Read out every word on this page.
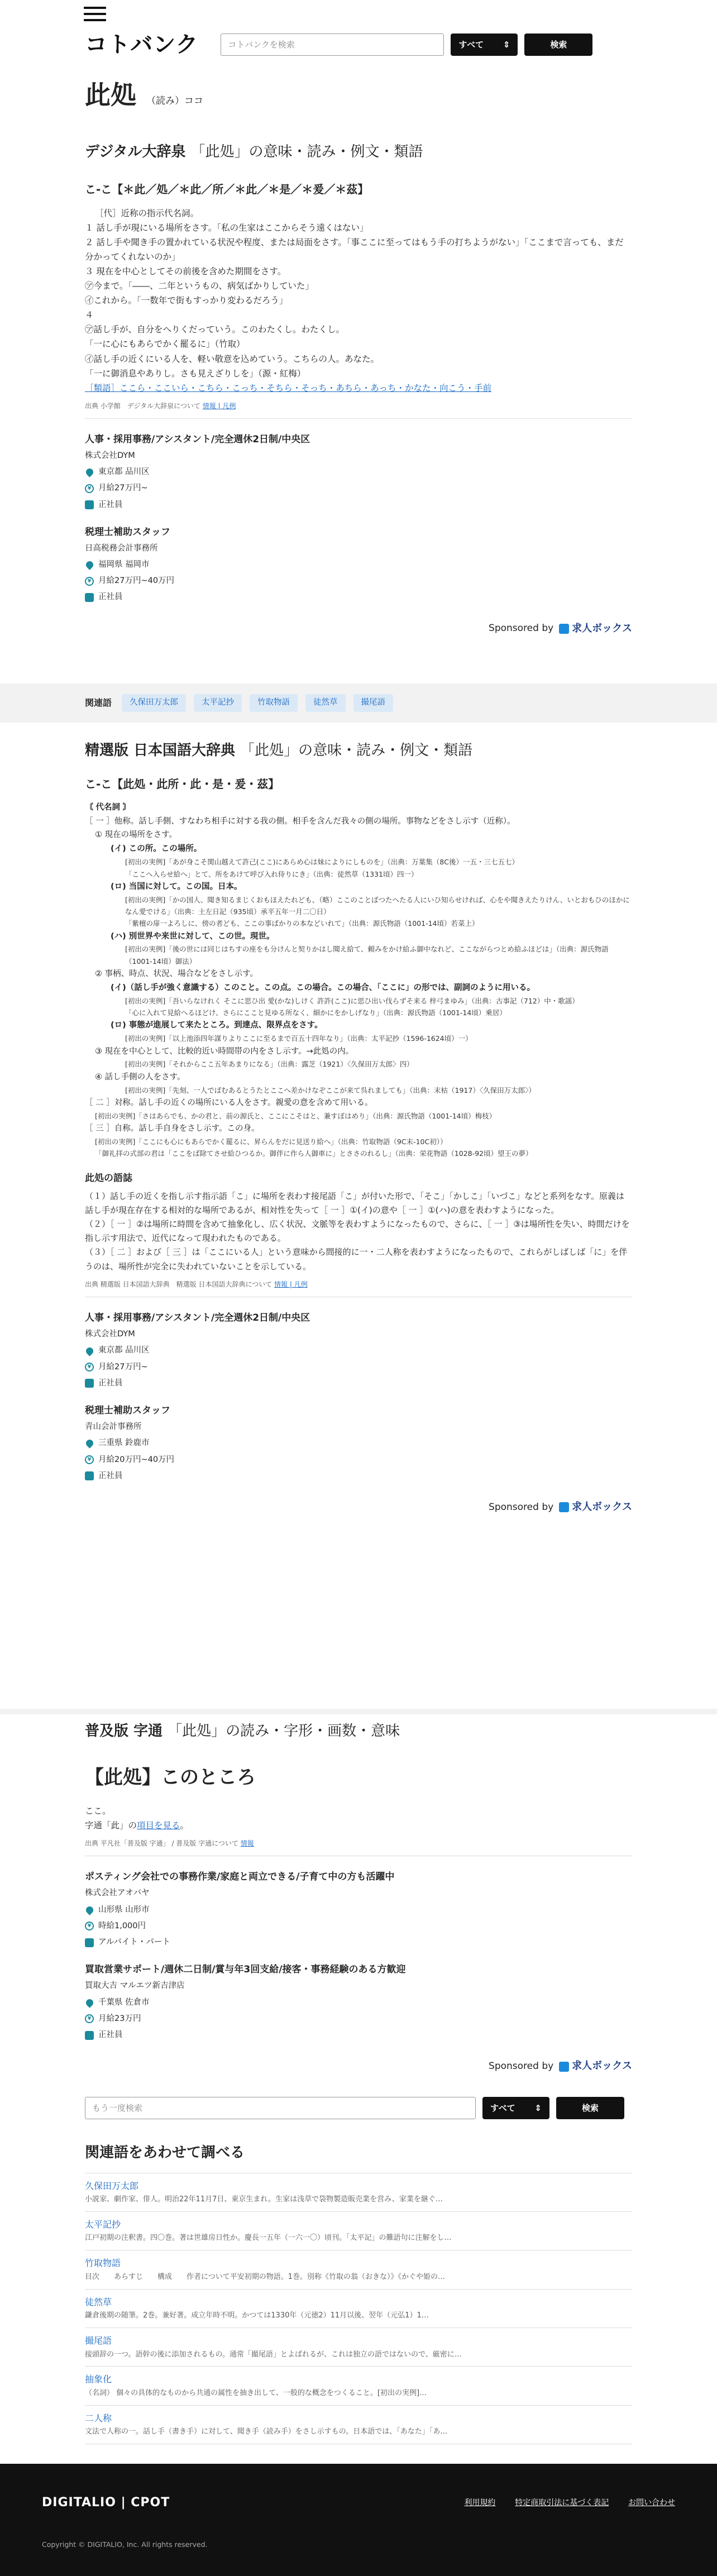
コトバンク	コトバンクを検索	すべて ⇕	検索
此処 （読み）ココ
デジタル大辞泉 「此処」の意味・読み・例文・類語
こ‐こ【＊此／処／＊此／所／＊此／＊是／＊爰／＊茲】

［代］近称の指示代名詞。

１ 話し手が現にいる場所をさす。「私の生家はここからそう遠くはない」

２ 話し手や聞き手の置かれている状況や程度、または局面をさす。「事ここに至ってはもう手の打ちようがない」「ここまで言っても、まだ分かってくれないのか」

３ 現在を中心としてその前後を含めた期間をさす。

㋐今まで。「――、二年というもの、病気ばかりしていた」

㋑これから。「一数年で街もすっかり変わるだろう」

４

㋐話し手が、自分をへりくだっていう。このわたくし。わたくし。

「一に心にもあらでかく罷るに」（竹取）

㋑話し手の近くにいる人を、軽い敬意を込めていう。こちらの人。あなた。

「一に御消息やありし。さも見えざりしを」（源・紅梅）

［類語］ここら・ここいら・こちら・こっち・そちら・そっち・あちら・あっち・かなた・向こう・手前

出典 小学館　デジタル大辞泉について 情報 | 凡例
人事・採用事務/アシスタント/完全週休2日制/中央区
株式会社DYM
東京都 品川区
¥ 月給27万円~
正社員
税理士補助スタッフ
日高税務会計事務所
福岡県 福岡市
¥ 月給27万円~40万円
正社員
Sponsored by 求人ボックス
関連語	久保田万太郎	太平記抄	竹取物語	徒然草	撮尾語
精選版 日本国語大辞典 「此処」の意味・読み・例文・類語
こ‐こ【此処・此所・此・是・爰・茲】

〘 代名詞 〙

［ 一 ］他称。話し手側、すなわち相手に対する我の側。相手を含んだ我々の側の場所。事物などをさし示す（近称）。

① 現在の場所をさす。

(イ) この所。この場所。

[初出の実例]「あが身こそ関山越えて許己(ここ)にあらめ心は妹によりにしものを」（出典：万葉集（8C後）一五・三七五七）

「ここへ入らせ給へ」とて、所をあけて呼び入れ侍りにき」（出典：徒然草（1331頃）四一）

(ロ) 当国に対して。この国。日本。

[初出の実例]「かの国人、聞き知るまじくおもほえたれども、（略）ここのことばつたへたる人にいひ知らせければ、心をや聞きえたりけん、いとおもひのほかになん愛でける」（出典：土左日記（935頃）承平五年一月二〇日）

「紫檀の扉一よろしに、傍の者ども、ここの事ばかりの本などいれて」（出典：源氏物語（1001‐14頃）若菜上）

(ハ) 別世界や来世に対して、この世。現世。

[初出の実例]「後の世には同じはちすの座をも分けんと契りかはし聞え給て、頼みをかけ給ふ御中なれど、ここながらつとめ給ふほどは」（出典：源氏物語（1001‐14頃）御法）

② 事柄、時点、状況、場合などをさし示す。

(イ)（話し手が強く意識する）このこと。この点。この場合。この場合、「ここに」の形では、副詞のように用いる。

[初出の実例]「吾いらなけれく そこに思ひ出 愛(かな)しけく 許許(ここ)に思ひ出い伐らずそ来る 梓弓まゆみ」（出典：古事記（712）中・歌謡）

「心に入れて見給へるほどけ、さらにここと見ゆる所なく、細かにをかしげなり」（出典：源氏物語（1001‐14頃）乗居）

(ロ) 事態が進展して来たところ。到達点、限界点をさす。

[初出の実例]「以上池添四年謀りよりここに至るまで百五十四年なり」（出典：太平記抄（1596‐1624頃）一）

③ 現在を中心として、比較的近い時間帯の内をさし示す。→此処の内。

[初出の実例]「それからここ五年あまりになる」（出典：露芝（1921）〈久保田万太郎〉四）

④ 話し手側の人をさす。

[初出の実例]「先刻、一人でばむあるとうたとここへ差かけなぞここが来て呉れましても」（出典：末枯（1917）〈久保田万太郎〉）

［ 二 ］対称。話し手の近くの場所にいる人をさす。親愛の意を含めて用いる。

[初出の実例]「さはあらでも、かの君と、前の源氏と、ここにこそはと、兼すぼはめり」（出典：源氏物語（1001‐14頃）梅枝）

［ 三 ］自称。話し手自身をさし示す。この身。

[初出の実例]「ここにも心にもあらでかく罷るに、昇らんをだに見送り給へ」（出典：竹取物語（9C末‐10C初））

「御礼拝の式部の君は「ここをば除てさせ給ひつるか。御伴に作ら人御車に」とささのれるし」（出典：栄花物語（1028‐92頃）望王の夢）

此処の語誌

（１）話し手の近くを指し示す指示語「こ」に場所を表わす接尾語「こ」が付いた形で、「そこ」「かしこ」「いづこ」などと系列をなす。原義は話し手が現在存在する相対的な場所であるが、相対性を失って［ 一 ］①(イ)の意や［ 一 ］①(ハ)の意を表わすようになった。

（２）［ 一 ］②は場所に時間を含めて抽象化し、広く状況、文脈等を表わすようになったもので、さらに、［ 一 ］③は場所性を失い、時間だけを指し示す用法で、近代になって現われたものである。

（３）［ 二 ］および［ 三 ］は「ここにいる人」という意味から間接的に一・二人称を表わすようになったもので、これらがしばしば「に」を伴うのは、場所性が完全に失われていないことを示している。

出典 精選版 日本国語大辞典　精選版 日本国語大辞典について 情報 | 凡例
人事・採用事務/アシスタント/完全週休2日制/中央区
株式会社DYM
東京都 品川区
¥ 月給27万円~
正社員
税理士補助スタッフ
青山会計事務所
三重県 鈴鹿市
¥ 月給20万円~40万円
正社員
Sponsored by 求人ボックス
普及版 字通 「此処」の読み・字形・画数・意味
【此処】このところ

ここ。

字通「此」の項目を見る。

出典 平凡社「普及版 字通」 / 普及版 字通について 情報
ポスティング会社での事務作業/家庭と両立できる/子育て中の方も活躍中
株式会社アオバヤ
山形県 山形市
¥ 時給1,000円
アルバイト・パート
買取営業サポート/週休二日制/賞与年3回支給/接客・事務経験のある方歓迎
買取大吉 マルエツ新吉津店
千葉県 佐倉市
¥ 月給23万円
正社員
Sponsored by 求人ボックス
もう一度検索	すべて ⇕	検索
関連語をあわせて調べる
久保田万太郎
小説家、劇作家、俳人。明治22年11月7日、東京生まれ。生家は浅草で袋物製造販売業を営み、家業を継ぐ…
太平記抄
江戸初期の注釈書。四〇巻。著は世雄房日性か。慶長一五年（一六一〇）頃刊。「太平記」の難語句に注解をし…
竹取物語
目次　　あらすじ　　構成　　作者について平安初期の物語。1巻。別称《竹取の翁（おきな）》《かぐや姫の…
徒然草
鎌倉後期の随筆。2巻。兼好著。成立年時不明。かつては1330年（元徳2）11月以後、翌年（元弘1）1…
撮尾語
接頭辞の一つ。語幹の後に添加されるもの。通常「撮尾語」とよばれるが、これは独立の語ではないので、厳密に…
抽象化
（名詞） 個々の具体的なものから共通の属性を抽き出して、一般的な概念をつくること。[初出の実例]…
二人称
文法で人称の一。話し手（書き手）に対して、聞き手（読み手）をさし示すもの。日本語では、「あなた」「あ…
DIGITALIO | CPOT	利用規約 特定商取引法に基づく表記 お問い合わせ
Copyright © DIGITALIO, Inc. All rights reserved.
